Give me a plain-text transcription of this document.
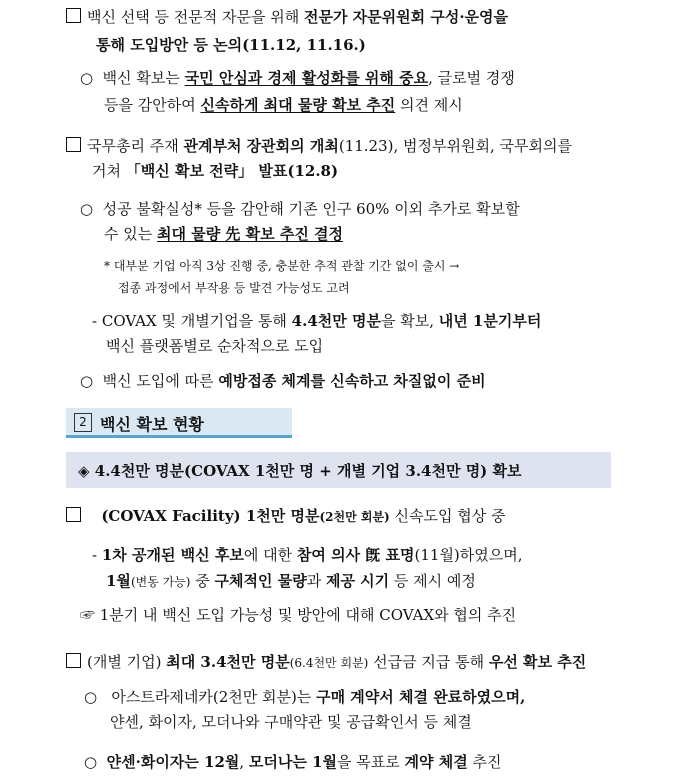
백신 선택 등 전문적 자문을 위해 전문가 자문위원회 구성·운영을
통해 도입방안 등 논의(11.12, 11.16.)
○  백신 확보는 국민 안심과 경제 활성화를 위해 중요, 글로벌 경쟁
등을 감안하여 신속하게 최대 물량 확보 추진 의견 제시
국무총리 주재 관계부처 장관회의 개최(11.23), 범정부위원회, 국무회의를
거쳐 「백신 확보 전략」 발표(12.8)
○  성공 불확실성* 등을 감안해 기존 인구 60% 이외 추가로 확보할
수 있는 최대 물량 先 확보 추진 결정
* 대부분 기업 아직 3상 진행 중, 충분한 추적 관찰 기간 없이 출시 →
접종 과정에서 부작용 등 발견 가능성도 고려
- COVAX 및 개별기업을 통해 4.4천만 명분을 확보, 내년 1분기부터
백신 플랫폼별로 순차적으로 도입
○  백신 도입에 따른 예방접종 체계를 신속하고 차질없이 준비
2 백신 확보 현황
◈ 4.4천만 명분(COVAX 1천만 명 + 개별 기업 3.4천만 명) 확보
(COVAX Facility) 1천만 명분(2천만 회분) 신속도입 협상 중
- 1차 공개된 백신 후보에 대한 참여 의사 旣 표명(11월)하였으며,
1월(변동 가능) 중 구체적인 물량과 제공 시기 등 제시 예정
☞ 1분기 내 백신 도입 가능성 및 방안에 대해 COVAX와 협의 추진
(개별 기업) 최대 3.4천만 명분(6.4천만 회분) 선급금 지급 통해 우선 확보 추진
○   아스트라제네카(2천만 회분)는 구매 계약서 체결 완료하였으며,
얀센, 화이자, 모더나와 구매약관 및 공급확인서 등 체결
○  얀센·화이자는 12월, 모더나는 1월을 목표로 계약 체결 추진
